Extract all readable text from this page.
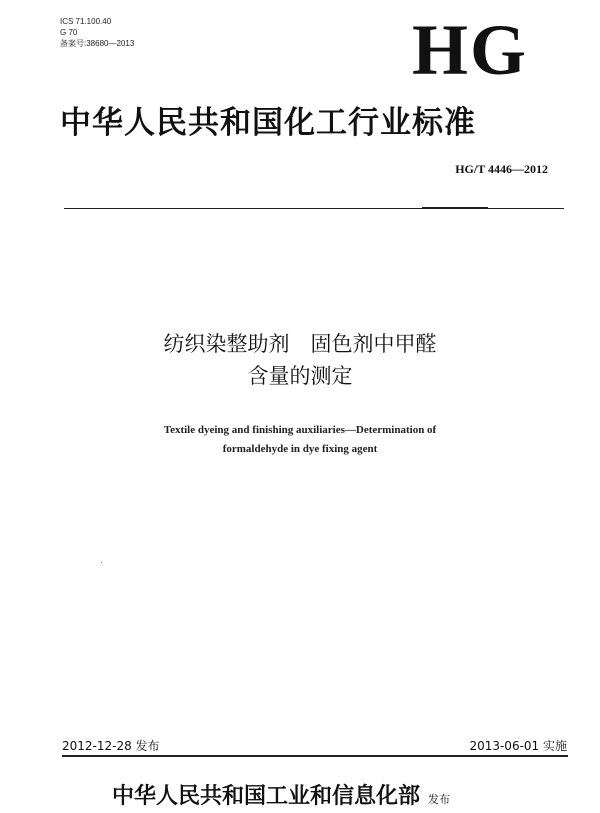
ICS 71.100.40
G 70
备案号:38680—2013	HG
中华人民共和国化工行业标准
HG/T 4446—2012
纺织染整助剂　固色剂中甲醛
含量的测定
Textile dyeing and finishing auxiliaries—Determination of
formaldehyde in dye fixing agent
2012-12-28 发布	2013-06-01 实施
中华人民共和国工业和信息化部 发布
